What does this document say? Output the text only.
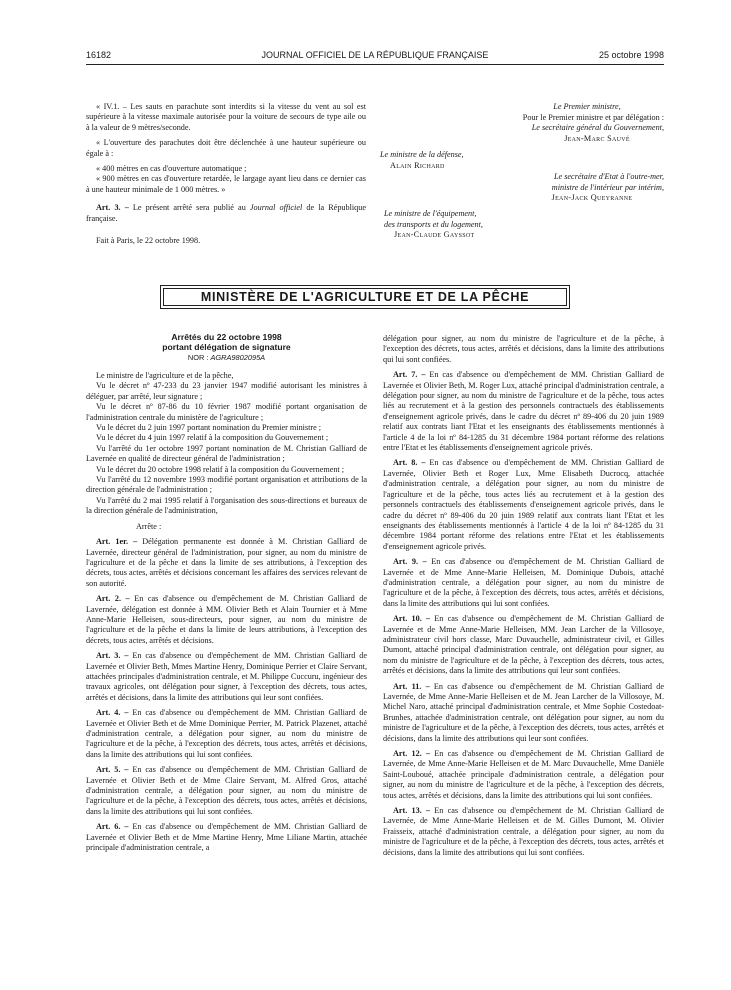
16182	JOURNAL OFFICIEL DE LA RÉPUBLIQUE FRANÇAISE	25 octobre 1998

« IV.1. – Les sauts en parachute sont interdits si la vitesse du vent au sol est supérieure à la vitesse maximale autorisée pour la voiture de secours de type aile ou à la valeur de 9 mètres/seconde.

« L'ouverture des parachutes doit être déclenchée à une hauteur supérieure ou égale à :

« 400 mètres en cas d'ouverture automatique ;

« 900 mètres en cas d'ouverture retardée, le largage ayant lieu dans ce dernier cas à une hauteur minimale de 1 000 mètres. »

Art. 3. – Le présent arrêté sera publié au Journal officiel de la République française.

Fait à Paris, le 22 octobre 1998.

Le Premier ministre,
Pour le Premier ministre et par délégation :
Le secrétaire général du Gouvernement,
Jean-Marc Sauvé
Le ministre de la défense,
Alain Richard
Le secrétaire d'Etat à l'outre-mer,
ministre de l'intérieur par intérim,
Jean-Jack Queyranne
Le ministre de l'équipement,
des transports et du logement,
Jean-Claude Gayssot
MINISTÈRE DE L'AGRICULTURE ET DE LA PÊCHE

Arrêtés du 22 octobre 1998

portant délégation de signature

NOR : AGRA9802095A

Le ministre de l'agriculture et de la pêche,

Vu le décret nº 47-233 du 23 janvier 1947 modifié autorisant les ministres à déléguer, par arrêté, leur signature ;

Vu le décret nº 87-86 du 10 février 1987 modifié portant organisation de l'administration centrale du ministère de l'agriculture ;

Vu le décret du 2 juin 1997 portant nomination du Premier ministre ;

Vu le décret du 4 juin 1997 relatif à la composition du Gouvernement ;

Vu l'arrêté du 1er octobre 1997 portant nomination de M. Christian Galliard de Lavernée en qualité de directeur général de l'administration ;

Vu le décret du 20 octobre 1998 relatif à la composition du Gouvernement ;

Vu l'arrêté du 12 novembre 1993 modifié portant organisation et attributions de la direction générale de l'administration ;

Vu l'arrêté du 2 mai 1995 relatif à l'organisation des sous-directions et bureaux de la direction générale de l'administration,

Arrête :

Art. 1er. – Délégation permanente est donnée à M. Christian Galliard de Lavernée, directeur général de l'administration, pour signer, au nom du ministre de l'agriculture et de la pêche et dans la limite de ses attributions, à l'exception des décrets, tous actes, arrêtés et décisions concernant les affaires des services relevant de son autorité.

Art. 2. – En cas d'absence ou d'empêchement de M. Christian Galliard de Lavernée, délégation est donnée à MM. Olivier Beth et Alain Tournier et à Mme Anne-Marie Helleisen, sous-directeurs, pour signer, au nom du ministre de l'agriculture et de la pêche et dans la limite de leurs attributions, à l'exception des décrets, tous actes, arrêtés et décisions.

Art. 3. – En cas d'absence ou d'empêchement de MM. Christian Galliard de Lavernée et Olivier Beth, Mmes Martine Henry, Dominique Perrier et Claire Servant, attachées principales d'administration centrale, et M. Philippe Cuccuru, ingénieur des travaux agricoles, ont délégation pour signer, à l'exception des décrets, tous actes, arrêtés et décisions, dans la limite des attributions qui leur sont confiées.

Art. 4. – En cas d'absence ou d'empêchement de MM. Christian Galliard de Lavernée et Olivier Beth et de Mme Dominique Perrier, M. Patrick Plazenet, attaché d'administration centrale, a délégation pour signer, au nom du ministre de l'agriculture et de la pêche, à l'exception des décrets, tous actes, arrêtés et décisions, dans la limite des attributions qui lui sont confiées.

Art. 5. – En cas d'absence ou d'empêchement de MM. Christian Galliard de Lavernée et Olivier Beth et de Mme Claire Servant, M. Alfred Gros, attaché d'administration centrale, a délégation pour signer, au nom du ministre de l'agriculture et de la pêche, à l'exception des décrets, tous actes, arrêtés et décisions, dans la limite des attributions qui lui sont confiées.

Art. 6. – En cas d'absence ou d'empêchement de MM. Christian Galliard de Lavernée et Olivier Beth et de Mme Martine Henry, Mme Liliane Martin, attachée principale d'administration centrale, a

délégation pour signer, au nom du ministre de l'agriculture et de la pêche, à l'exception des décrets, tous actes, arrêtés et décisions, dans la limite des attributions qui lui sont confiées.

Art. 7. – En cas d'absence ou d'empêchement de MM. Christian Galliard de Lavernée et Olivier Beth, M. Roger Lux, attaché principal d'administration centrale, a délégation pour signer, au nom du ministre de l'agriculture et de la pêche, tous actes liés au recrutement et à la gestion des personnels contractuels des établissements d'enseignement agricole privés, dans le cadre du décret nº 89-406 du 20 juin 1989 relatif aux contrats liant l'Etat et les enseignants des établissements mentionnés à l'article 4 de la loi nº 84-1285 du 31 décembre 1984 portant réforme des relations entre l'Etat et les établissements d'enseignement agricole privés.

Art. 8. – En cas d'absence ou d'empêchement de MM. Christian Galliard de Lavernée, Olivier Beth et Roger Lux, Mme Elisabeth Ducrocq, attachée d'administration centrale, a délégation pour signer, au nom du ministre de l'agriculture et de la pêche, tous actes liés au recrutement et à la gestion des personnels contractuels des établissements d'enseignement agricole privés, dans le cadre du décret nº 89-406 du 20 juin 1989 relatif aux contrats liant l'Etat et les enseignants des établissements mentionnés à l'article 4 de la loi nº 84-1285 du 31 décembre 1984 portant réforme des relations entre l'Etat et les établissements d'enseignement agricole privés.

Art. 9. – En cas d'absence ou d'empêchement de M. Christian Galliard de Lavernée et de Mme Anne-Marie Helleisen, M. Dominique Dubois, attaché d'administration centrale, a délégation pour signer, au nom du ministre de l'agriculture et de la pêche, à l'exception des décrets, tous actes, arrêtés et décisions, dans la limite des attributions qui lui sont confiées.

Art. 10. – En cas d'absence ou d'empêchement de M. Christian Galliard de Lavernée et de Mme Anne-Marie Helleisen, MM. Jean Larcher de la Villosoye, administrateur civil hors classe, Marc Duvauchelle, administrateur civil, et Gilles Dumont, attaché principal d'administration centrale, ont délégation pour signer, au nom du ministre de l'agriculture et de la pêche, à l'exception des décrets, tous actes, arrêtés et décisions, dans la limite des attributions qui leur sont confiées.

Art. 11. – En cas d'absence ou d'empêchement de M. Christian Galliard de Lavernée, de Mme Anne-Marie Helleisen et de M. Jean Larcher de la Villosoye, M. Michel Naro, attaché principal d'administration centrale, et Mme Sophie Costedoat-Brunhes, attachée d'administration centrale, ont délégation pour signer, au nom du ministre de l'agriculture et de la pêche, à l'exception des décrets, tous actes, arrêtés et décisions, dans la limite des attributions qui leur sont confiées.

Art. 12. – En cas d'absence ou d'empêchement de M. Christian Galliard de Lavernée, de Mme Anne-Marie Helleisen et de M. Marc Duvauchelle, Mme Danièle Saint-Louboué, attachée principale d'administration centrale, a délégation pour signer, au nom du ministre de l'agriculture et de la pêche, à l'exception des décrets, tous actes, arrêtés et décisions, dans la limite des attributions qui lui sont confiées.

Art. 13. – En cas d'absence ou d'empêchement de M. Christian Galliard de Lavernée, de Mme Anne-Marie Helleisen et de M. Gilles Dumont, M. Olivier Fraisseix, attaché d'administration centrale, a délégation pour signer, au nom du ministre de l'agriculture et de la pêche, à l'exception des décrets, tous actes, arrêtés et décisions, dans la limite des attributions qui lui sont confiées.
